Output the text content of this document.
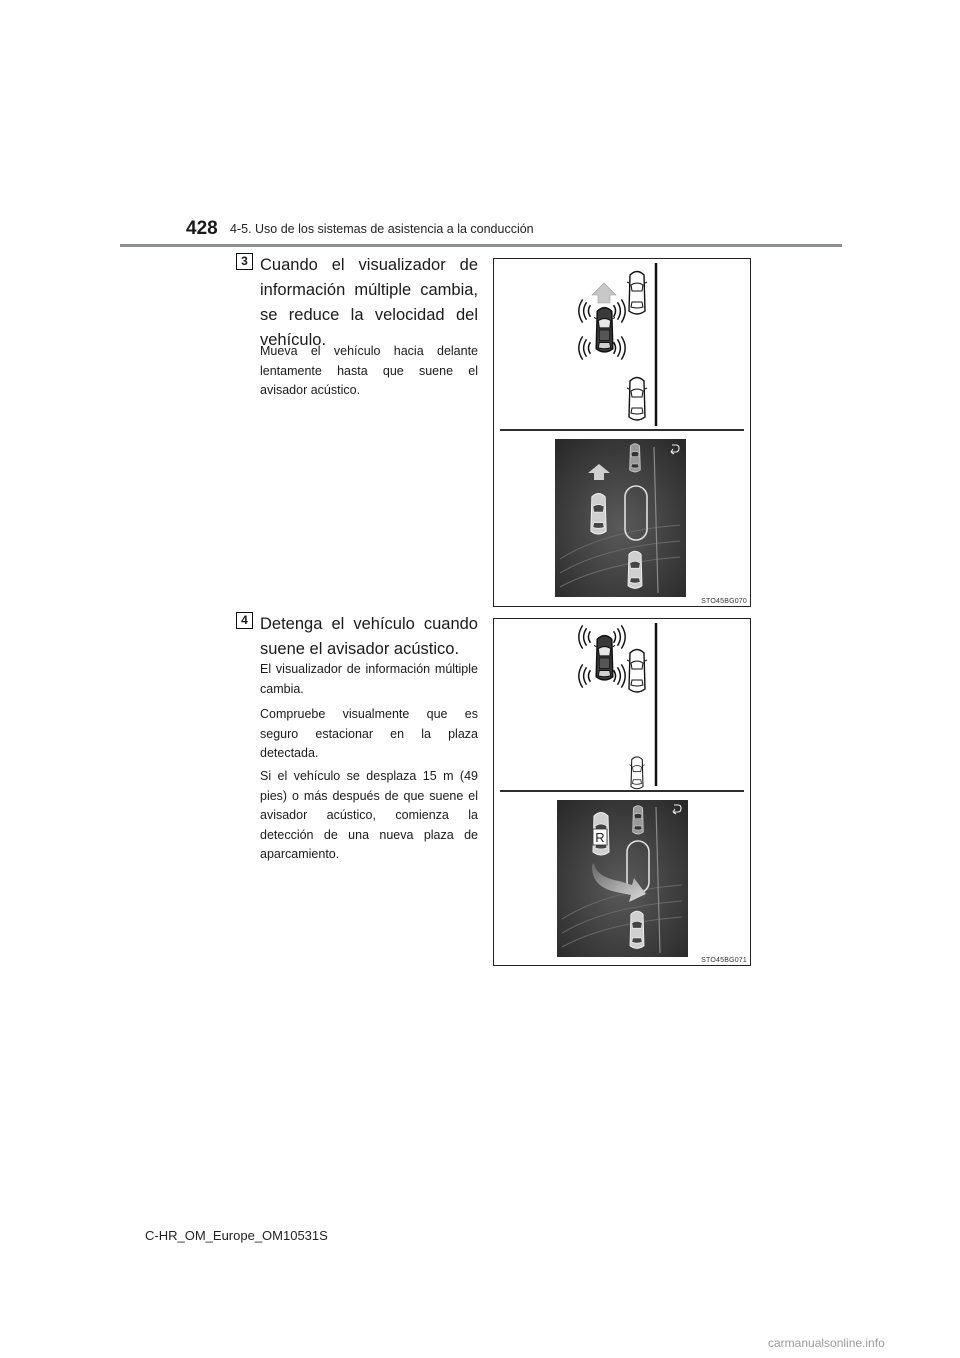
428 4-5. Uso de los sistemas de asistencia a la conducción
3 Cuando el visualizador de información múltiple cambia, se reduce la velocidad del vehículo.

Mueva el vehículo hacia delante lentamente hasta que suene el avisador acústico.

STO45BG070
4 Detenga el vehículo cuando suene el avisador acústico.

El visualizador de información múltiple cambia.

Compruebe visualmente que es seguro estacionar en la plaza detectada.

Si el vehículo se desplaza 15 m (49 pies) o más después de que suene el avisador acústico, comienza la detección de una nueva plaza de aparcamiento.

R
STO45BG071
C-HR_OM_Europe_OM10531S
carmanualsonline.info
